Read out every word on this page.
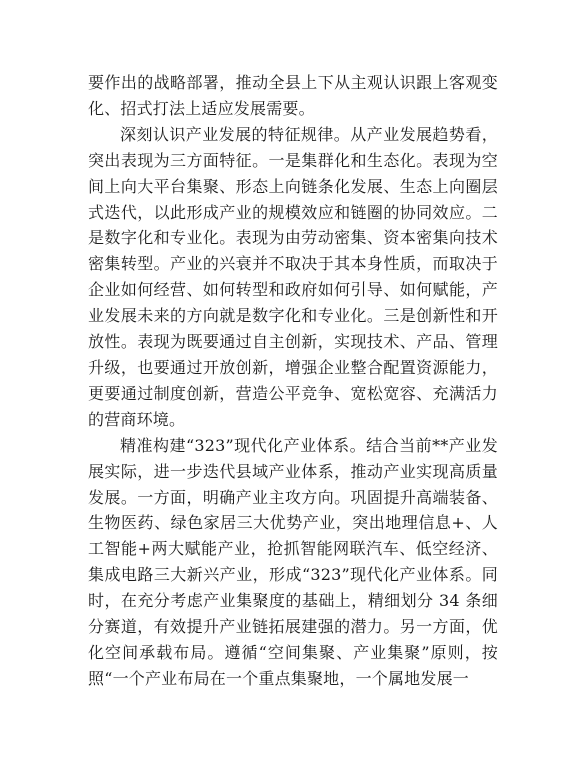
要作出的战略部署，推动全县上下从主观认识跟上客观变化、招式打法上适应发展需要。

深刻认识产业发展的特征规律。从产业发展趋势看，突出表现为三方面特征。一是集群化和生态化。表现为空间上向大平台集聚、形态上向链条化发展、生态上向圈层式迭代，以此形成产业的规模效应和链圈的协同效应。二是数字化和专业化。表现为由劳动密集、资本密集向技术密集转型。产业的兴衰并不取决于其本身性质，而取决于企业如何经营、如何转型和政府如何引导、如何赋能，产业发展未来的方向就是数字化和专业化。三是创新性和开放性。表现为既要通过自主创新，实现技术、产品、管理升级，也要通过开放创新，增强企业整合配置资源能力，更要通过制度创新，营造公平竞争、宽松宽容、充满活力的营商环境。

精准构建“323”现代化产业体系。结合当前**产业发展实际，进一步迭代县域产业体系，推动产业实现高质量发展。一方面，明确产业主攻方向。巩固提升高端装备、生物医药、绿色家居三大优势产业，突出地理信息+、人工智能+两大赋能产业，抢抓智能网联汽车、低空经济、集成电路三大新兴产业，形成“323”现代化产业体系。同时，在充分考虑产业集聚度的基础上，精细划分 34 条细分赛道，有效提升产业链拓展建强的潜力。另一方面，优化空间承载布局。遵循“空间集聚、产业集聚”原则，按照“一个产业布局在一个重点集聚地，一个属地发展一
